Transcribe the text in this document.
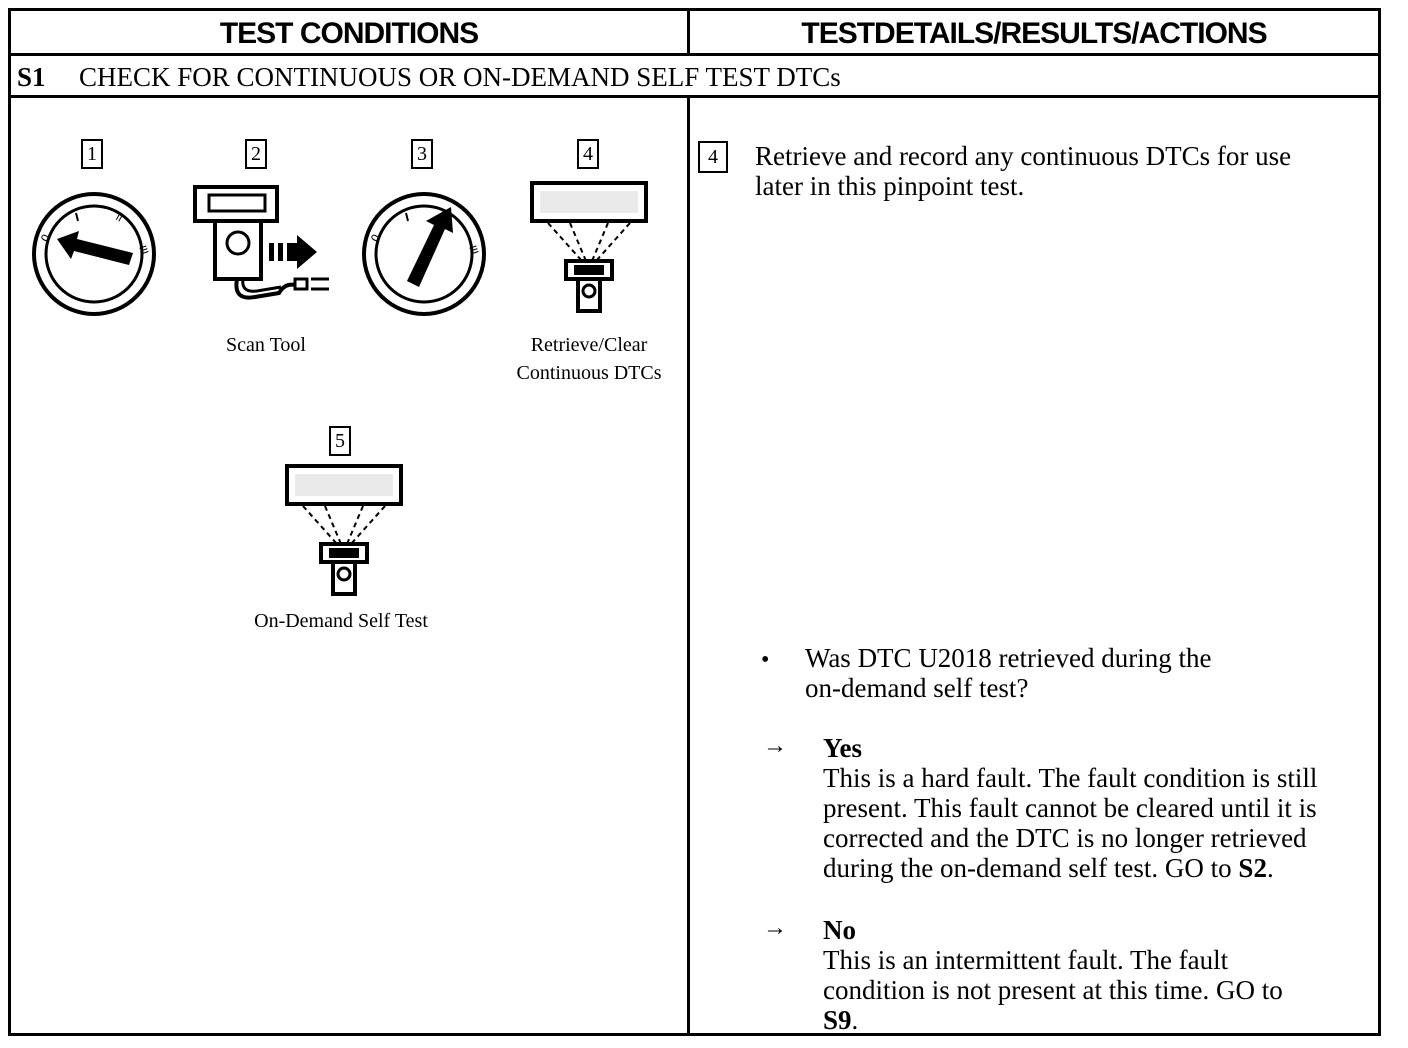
TEST CONDITIONS	TESTDETAILS/RESULTS/ACTIONS
S1	CHECK FOR CONTINUOUS OR ON-DEMAND SELF TEST DTCs
1
0
II
III
2
Scan Tool
3
0
III
4
Retrieve/Clear
Continuous DTCs
5
On-Demand Self Test
4	Retrieve and record any continuous DTCs for use
later in this pinpoint test.
• Was DTC U2018 retrieved during the
on-demand self test?
→ Yes
This is a hard fault. The fault condition is still
present. This fault cannot be cleared until it is
corrected and the DTC is no longer retrieved
during the on-demand self test. GO to S2.
→ No
This is an intermittent fault. The fault
condition is not present at this time. GO to
S9.
